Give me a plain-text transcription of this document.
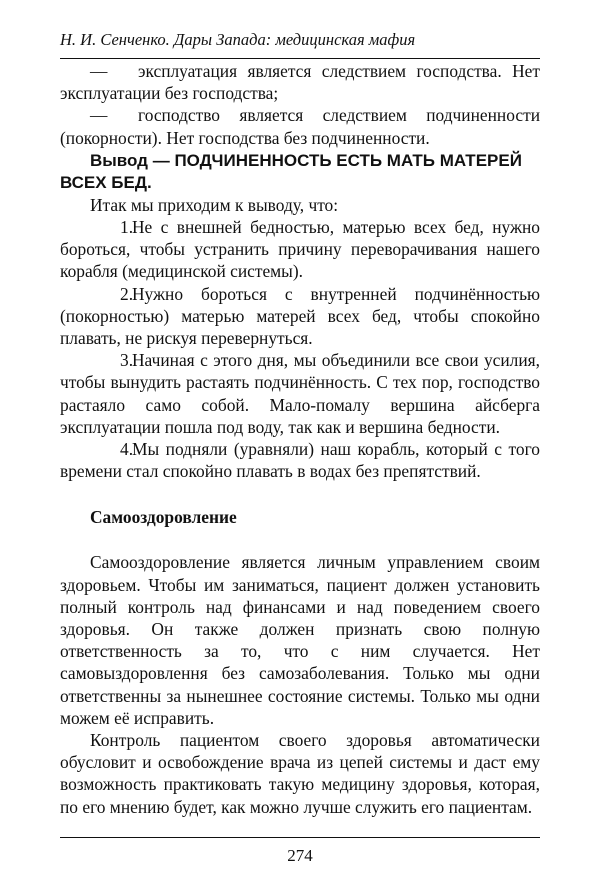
Н. И. Сенченко. Дары Запада: медицинская мафия

— эксплуатация является следствием господства. Нет эксплуатации без господства;

— господство является следствием подчиненности (покорности). Нет господства без подчиненности.

Вывод — ПОДЧИНЕННОСТЬ ЕСТЬ МАТЬ МАТЕРЕЙ ВСЕХ БЕД.

Итак мы приходим к выводу, что:

1.Не с внешней бедностью, матерью всех бед, нужно бороться, чтобы устранить причину переворачивания нашего корабля (медицинской системы).

2.Нужно бороться с внутренней подчинённостью (покорностью) матерью матерей всех бед, чтобы спокойно плавать, не рискуя перевернуться.

3.Начиная с этого дня, мы объединили все свои усилия, чтобы вынудить растаять подчинённость. С тех пор, господство растаяло само собой. Мало-помалу вершина айсберга эксплуатации пошла под воду, так как и вершина бедности.

4.Мы подняли (уравняли) наш корабль, который с того времени стал спокойно плавать в водах без препятствий.

Самооздоровление

Самооздоровление является личным управлением своим здоровьем. Чтобы им заниматься, пациент должен установить полный контроль над финансами и над поведением своего здоровья. Он также должен признать свою полную ответственность за то, что с ним случается. Нет самовыздоровлення без самозаболевания. Только мы одни ответственны за нынешнее состояние системы. Только мы одни можем её исправить.

Контроль пациентом своего здоровья автоматически обусловит и освобождение врача из цепей системы и даст ему возможность практиковать такую медицину здоровья, которая, по его мнению будет, как можно лучше служить его пациентам.

274
